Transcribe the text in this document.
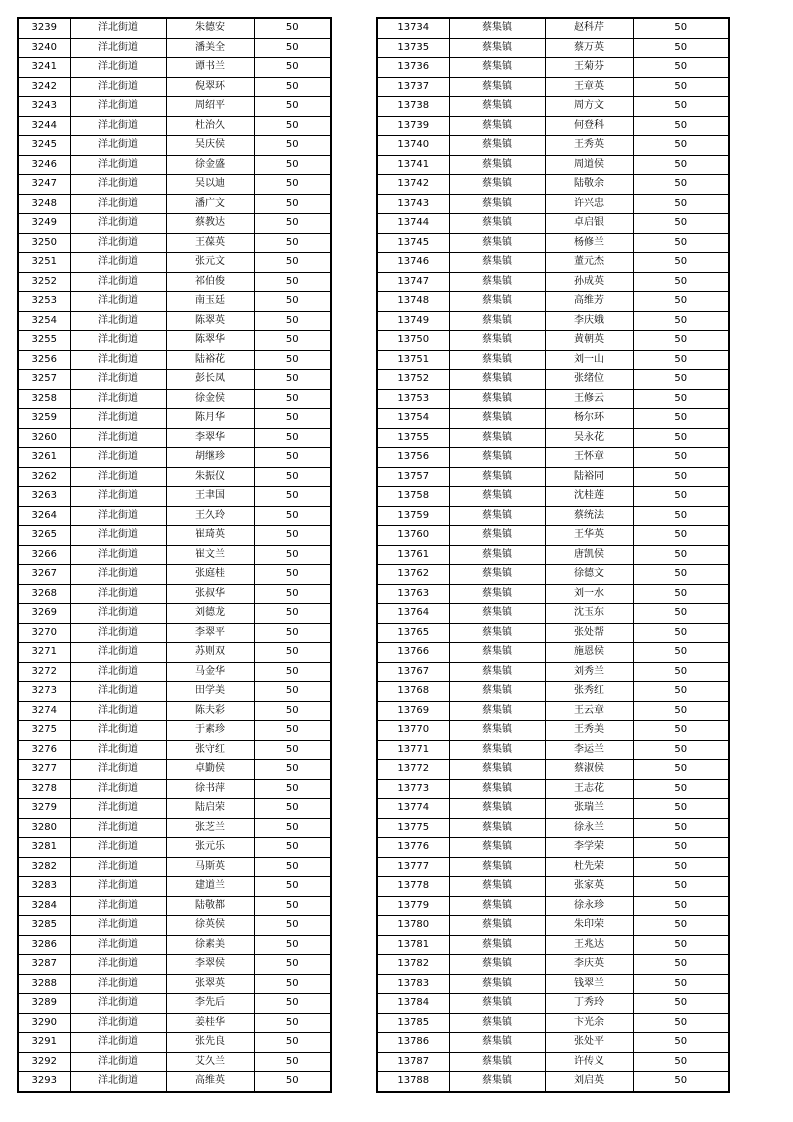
3239	洋北街道	朱德安	50
3240	洋北街道	潘美全	50
3241	洋北街道	谭书兰	50
3242	洋北街道	倪翠环	50
3243	洋北街道	周绍平	50
3244	洋北街道	杜治久	50
3245	洋北街道	吴庆侯	50
3246	洋北街道	徐金盛	50
3247	洋北街道	吴以迪	50
3248	洋北街道	潘广文	50
3249	洋北街道	蔡教达	50
3250	洋北街道	王葆英	50
3251	洋北街道	张元文	50
3252	洋北街道	祁伯俊	50
3253	洋北街道	南玉廷	50
3254	洋北街道	陈翠英	50
3255	洋北街道	陈翠华	50
3256	洋北街道	陆裕花	50
3257	洋北街道	彭长凤	50
3258	洋北街道	徐金侯	50
3259	洋北街道	陈月华	50
3260	洋北街道	李翠华	50
3261	洋北街道	胡继珍	50
3262	洋北街道	朱振仪	50
3263	洋北街道	王聿国	50
3264	洋北街道	王久玲	50
3265	洋北街道	崔琦英	50
3266	洋北街道	崔文兰	50
3267	洋北街道	张庭桂	50
3268	洋北街道	张叔华	50
3269	洋北街道	刘德龙	50
3270	洋北街道	李翠平	50
3271	洋北街道	苏则双	50
3272	洋北街道	马金华	50
3273	洋北街道	田学美	50
3274	洋北街道	陈夫彩	50
3275	洋北街道	于素珍	50
3276	洋北街道	张守红	50
3277	洋北街道	卓勤侯	50
3278	洋北街道	徐书萍	50
3279	洋北街道	陆启荣	50
3280	洋北街道	张芝兰	50
3281	洋北街道	张元乐	50
3282	洋北街道	马斯英	50
3283	洋北街道	建道兰	50
3284	洋北街道	陆敬都	50
3285	洋北街道	徐英侯	50
3286	洋北街道	徐素美	50
3287	洋北街道	李翠侯	50
3288	洋北街道	张翠英	50
3289	洋北街道	李先后	50
3290	洋北街道	姜桂华	50
3291	洋北街道	张先良	50
3292	洋北街道	艾久兰	50
3293	洋北街道	高维英	50
13734	蔡集镇	赵科芹	50
13735	蔡集镇	蔡万英	50
13736	蔡集镇	王菊芬	50
13737	蔡集镇	王章英	50
13738	蔡集镇	周方文	50
13739	蔡集镇	何登科	50
13740	蔡集镇	王秀英	50
13741	蔡集镇	周道侯	50
13742	蔡集镇	陆敬余	50
13743	蔡集镇	许兴忠	50
13744	蔡集镇	卓启银	50
13745	蔡集镇	杨修兰	50
13746	蔡集镇	董元杰	50
13747	蔡集镇	孙成英	50
13748	蔡集镇	高维芳	50
13749	蔡集镇	李庆娥	50
13750	蔡集镇	黄朝英	50
13751	蔡集镇	刘一山	50
13752	蔡集镇	张绪位	50
13753	蔡集镇	王修云	50
13754	蔡集镇	杨尔环	50
13755	蔡集镇	吴永花	50
13756	蔡集镇	王怀章	50
13757	蔡集镇	陆裕同	50
13758	蔡集镇	沈桂莲	50
13759	蔡集镇	蔡统法	50
13760	蔡集镇	王华英	50
13761	蔡集镇	唐凯侯	50
13762	蔡集镇	徐德文	50
13763	蔡集镇	刘一水	50
13764	蔡集镇	沈玉东	50
13765	蔡集镇	张处帮	50
13766	蔡集镇	施恩侯	50
13767	蔡集镇	刘秀兰	50
13768	蔡集镇	张秀红	50
13769	蔡集镇	王云章	50
13770	蔡集镇	王秀美	50
13771	蔡集镇	李运兰	50
13772	蔡集镇	蔡淑侯	50
13773	蔡集镇	王志花	50
13774	蔡集镇	张瑞兰	50
13775	蔡集镇	徐永兰	50
13776	蔡集镇	李学荣	50
13777	蔡集镇	杜先荣	50
13778	蔡集镇	张家英	50
13779	蔡集镇	徐永珍	50
13780	蔡集镇	朱印荣	50
13781	蔡集镇	王兆达	50
13782	蔡集镇	李庆英	50
13783	蔡集镇	钱翠兰	50
13784	蔡集镇	丁秀玲	50
13785	蔡集镇	卞光余	50
13786	蔡集镇	张处平	50
13787	蔡集镇	许传义	50
13788	蔡集镇	刘启英	50
